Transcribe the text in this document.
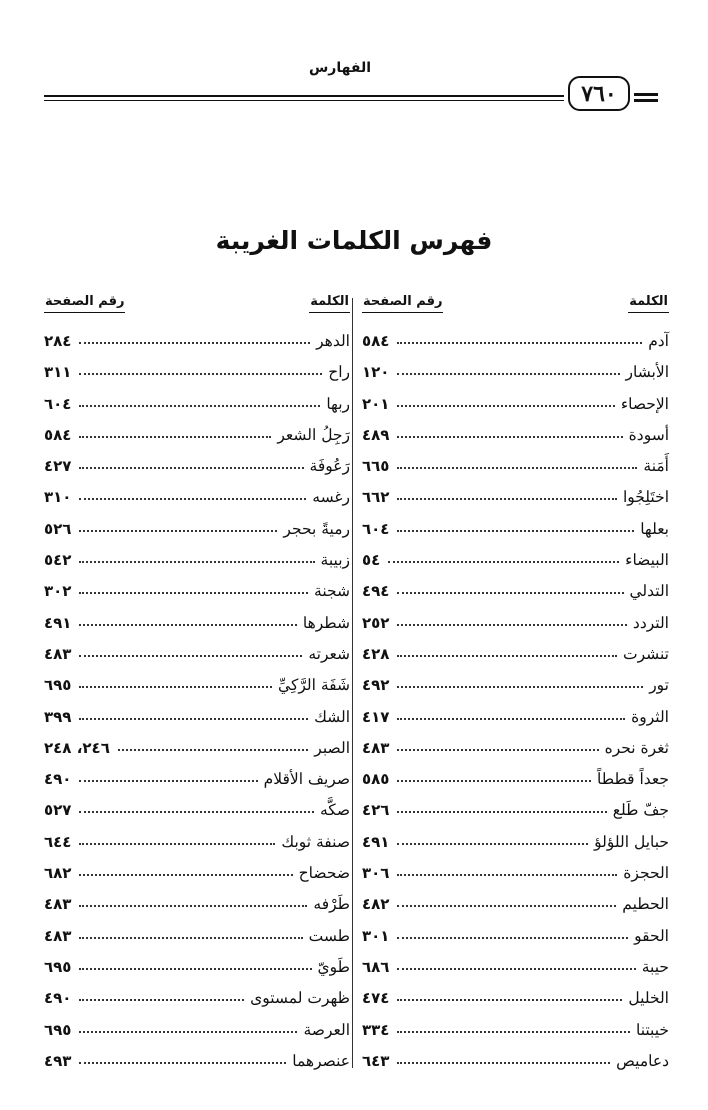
الفهارس
٧٦٠
فهرس الكلمات الغريبة
الكلمة
رقم الصفحة
آدم
٥٨٤
الأبشار
١٢٠
الإحصاء
٢٠١
أسودة
٤٨٩
أَمَنة
٦٦٥
اختَلِجُوا
٦٦٢
بعلها
٦٠٤
البيضاء
٥٤
التدلي
٤٩٤
التردد
٢٥٢
تنشرت
٤٢٨
تور
٤٩٢
الثروة
٤١٧
ثغرة نحره
٤٨٣
جعداً قططاً
٥٨٥
جفّ طَلع
٤٢٦
حبايل اللؤلؤ
٤٩١
الحجزة
٣٠٦
الحطيم
٤٨٢
الحقو
٣٠١
حيبة
٦٨٦
الخليل
٤٧٤
خيبتنا
٣٣٤
دعاميص
٦٤٣
الكلمة
رقم الصفحة
الدهر
٢٨٤
راح
٣١١
ربها
٦٠٤
رَجِلُ الشعر
٥٨٤
رَعُوفَة
٤٢٧
رغسه
٣١٠
رميةً بحجر
٥٢٦
زبيبة
٥٤٢
شجنة
٣٠٢
شطرها
٤٩١
شعرته
٤٨٣
شَفَة الرَّكِيِّ
٦٩٥
الشك
٣٩٩
الصبر
٢٤٦، ٢٤٨
صريف الأقلام
٤٩٠
صكَّه
٥٢٧
صنفة ثوبك
٦٤٤
ضحضاح
٦٨٢
طَرْفه
٤٨٣
طست
٤٨٣
طَويّ
٦٩٥
ظهرت لمستوى
٤٩٠
العرصة
٦٩٥
عنصرهما
٤٩٣
